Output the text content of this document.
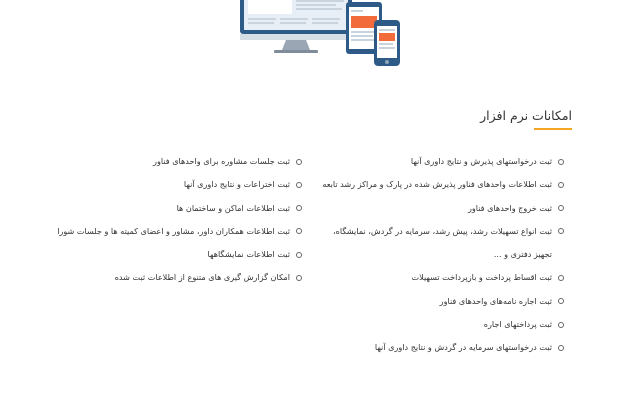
امکانات نرم افزار
ثبت درخواستهای پذیرش و نتایج داوری آنها
ثبت اطلاعات واحدهای فناور پذیرش شده در پارک و مراکز رشد تابعه
ثبت خروج واحدهای فناور
ثبت انواع تسهیلات رشد، پیش رشد، سرمایه در گردش، نمایشگاه، تجهیز دفتری و ...
ثبت اقساط پرداخت و بازپرداخت تسهیلات
ثبت اجاره نامه‌های واحدهای فناور
ثبت پرداختهای اجاره
ثبت درخواستهای سرمایه در گردش و نتایج داوری آنها
ثبت جلسات مشاوره برای واحدهای فناور
ثبت اختراعات و نتایج داوری آنها
ثبت اطلاعات اماکن و ساختمان ها
ثبت اطلاعات همکاران داور، مشاور و اعضای کمیته ها و جلسات شورا
ثبت اطلاعات نمایشگاهها
امکان گزارش گیری های متنوع از اطلاعات ثبت شده
